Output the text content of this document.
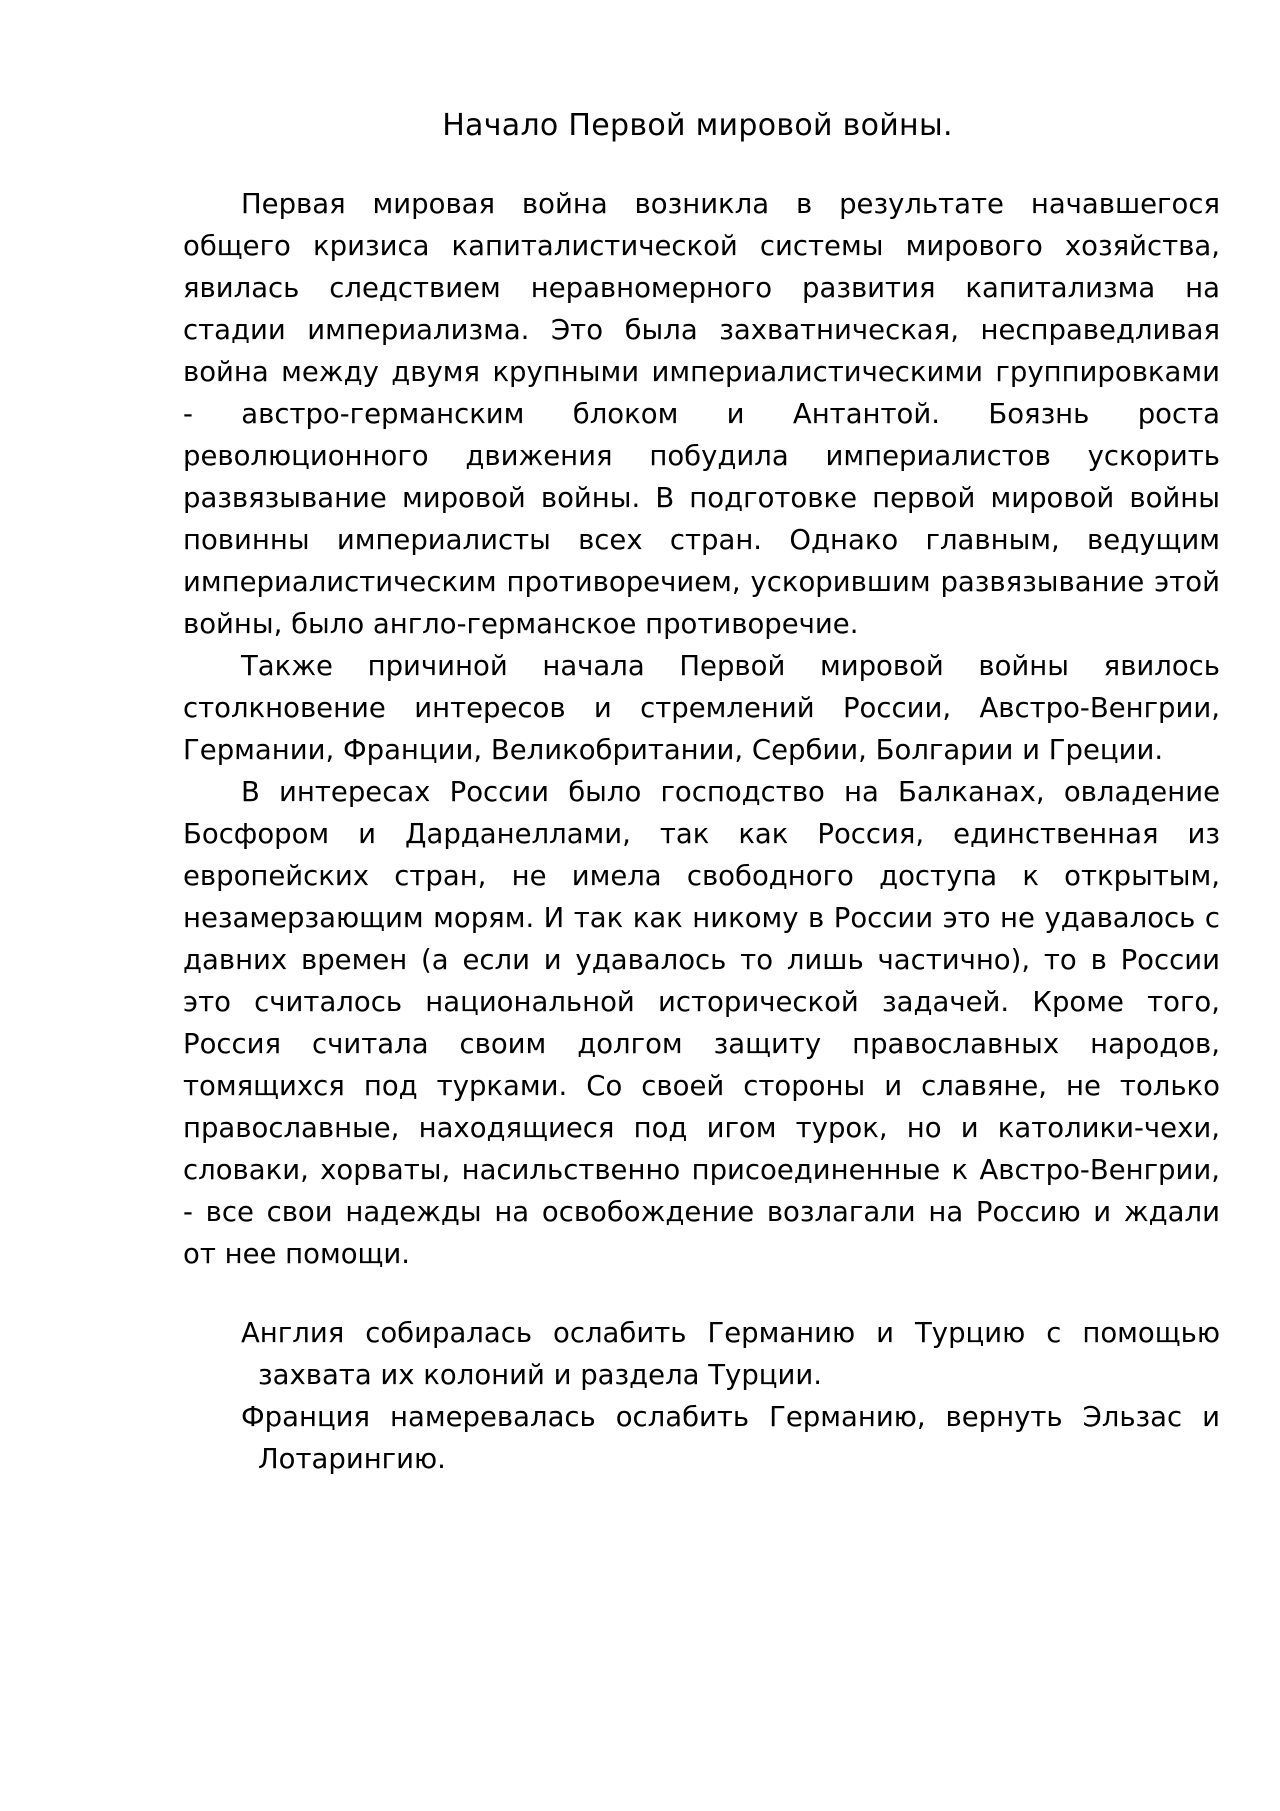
Начало Первой мировой войны.

Первая мировая война возникла в результате начавшегося общего кризиса капиталистической системы мирового хозяйства, явилась следствием неравномерного развития капитализма на стадии империализма. Это была захватническая, несправедливая война между двумя крупными империалистическими группировками - австро-германским блоком и Антантой. Боязнь роста революционного движения побудила империалистов ускорить развязывание мировой войны. В подготовке первой мировой войны повинны империалисты всех стран. Однако главным, ведущим империалистическим противоречием, ускорившим развязывание этой войны, было англо-германское противоречие.

Также причиной начала Первой мировой войны явилось столкновение интересов и стремлений России, Австро-Венгрии, Германии, Франции, Великобритании, Сербии, Болгарии и Греции.

В интересах России было господство на Балканах, овладение Босфором и Дарданеллами, так как Россия, единственная из европейских стран, не имела свободного доступа к открытым, незамерзающим морям. И так как никому в России это не удавалось с давних времен (а если и удавалось то лишь частично), то в России это считалось национальной исторической задачей. Кроме того, Россия считала своим долгом защиту православных народов, томящихся под турками. Со своей стороны и славяне, не только православные, находящиеся под игом турок, но и католики-чехи, словаки, хорваты, насильственно присоединенные к Австро-Венгрии, - все свои надежды на освобождение возлагали на Россию и ждали от нее помощи.

Англия собиралась ослабить Германию и Турцию с помощью захвата их колоний и раздела Турции.
Франция намеревалась ослабить Германию, вернуть Эльзас и Лотарингию.
